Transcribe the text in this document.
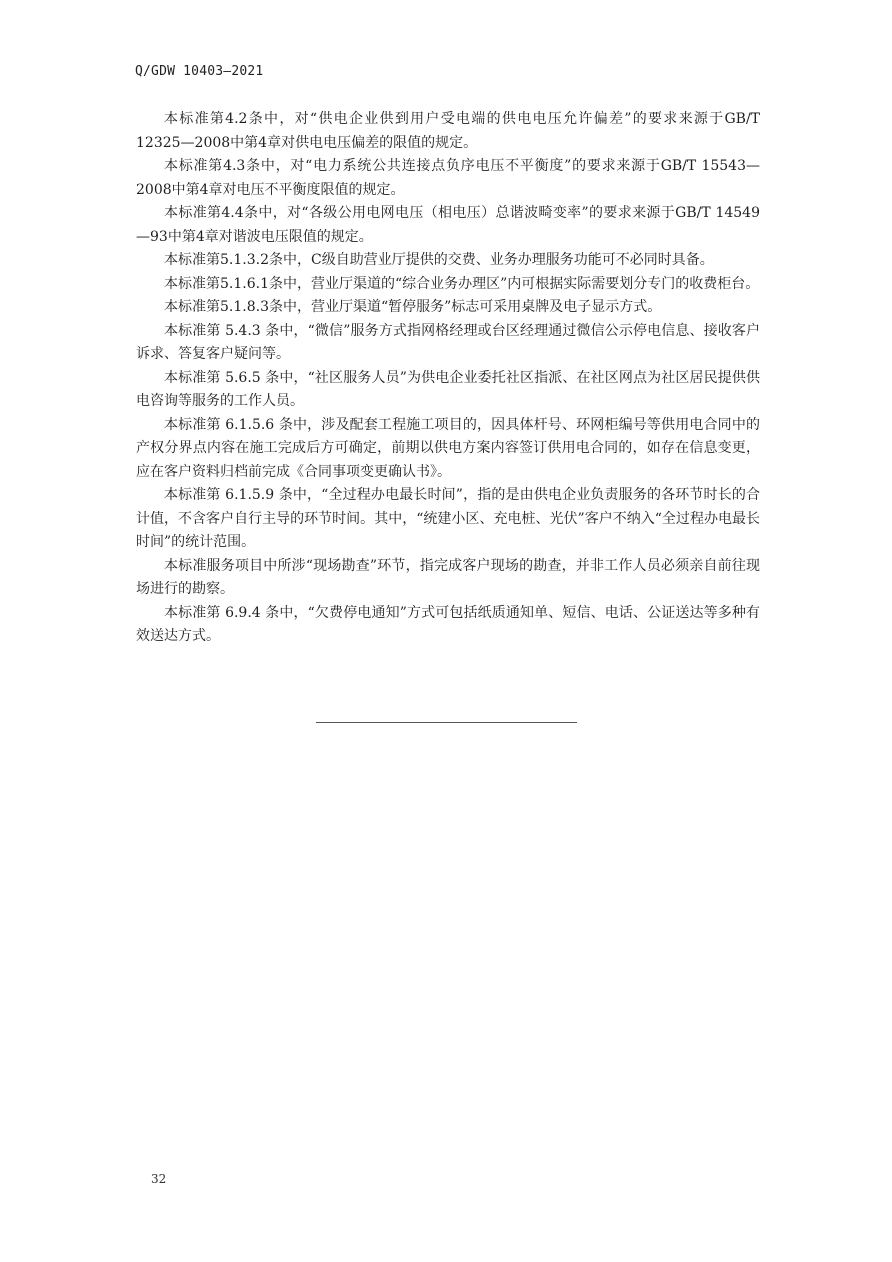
Q/GDW 10403—2021

本标准第4.2条中，对“供电企业供到用户受电端的供电电压允许偏差”的要求来源于GB/T 12325—2008中第4章对供电电压偏差的限值的规定。

本标准第4.3条中，对“电力系统公共连接点负序电压不平衡度”的要求来源于GB/T 15543—2008中第4章对电压不平衡度限值的规定。

本标准第4.4条中，对“各级公用电网电压（相电压）总谐波畸变率”的要求来源于GB/T 14549—93中第4章对谐波电压限值的规定。

本标准第5.1.3.2条中，C级自助营业厅提供的交费、业务办理服务功能可不必同时具备。

本标准第5.1.6.1条中，营业厅渠道的“综合业务办理区”内可根据实际需要划分专门的收费柜台。

本标准第5.1.8.3条中，营业厅渠道“暂停服务”标志可采用桌牌及电子显示方式。

本标准第 5.4.3 条中，“微信”服务方式指网格经理或台区经理通过微信公示停电信息、接收客户诉求、答复客户疑问等。

本标准第 5.6.5 条中，“社区服务人员”为供电企业委托社区指派、在社区网点为社区居民提供供电咨询等服务的工作人员。

本标准第 6.1.5.6 条中，涉及配套工程施工项目的，因具体杆号、环网柜编号等供用电合同中的产权分界点内容在施工完成后方可确定，前期以供电方案内容签订供用电合同的，如存在信息变更，应在客户资料归档前完成《合同事项变更确认书》。

本标准第 6.1.5.9 条中，“全过程办电最长时间”，指的是由供电企业负责服务的各环节时长的合计值，不含客户自行主导的环节时间。其中，“统建小区、充电桩、光伏”客户不纳入“全过程办电最长时间”的统计范围。

本标准服务项目中所涉“现场勘查”环节，指完成客户现场的勘查，并非工作人员必须亲自前往现场进行的勘察。

本标准第 6.9.4 条中，“欠费停电通知”方式可包括纸质通知单、短信、电话、公证送达等多种有效送达方式。

32
